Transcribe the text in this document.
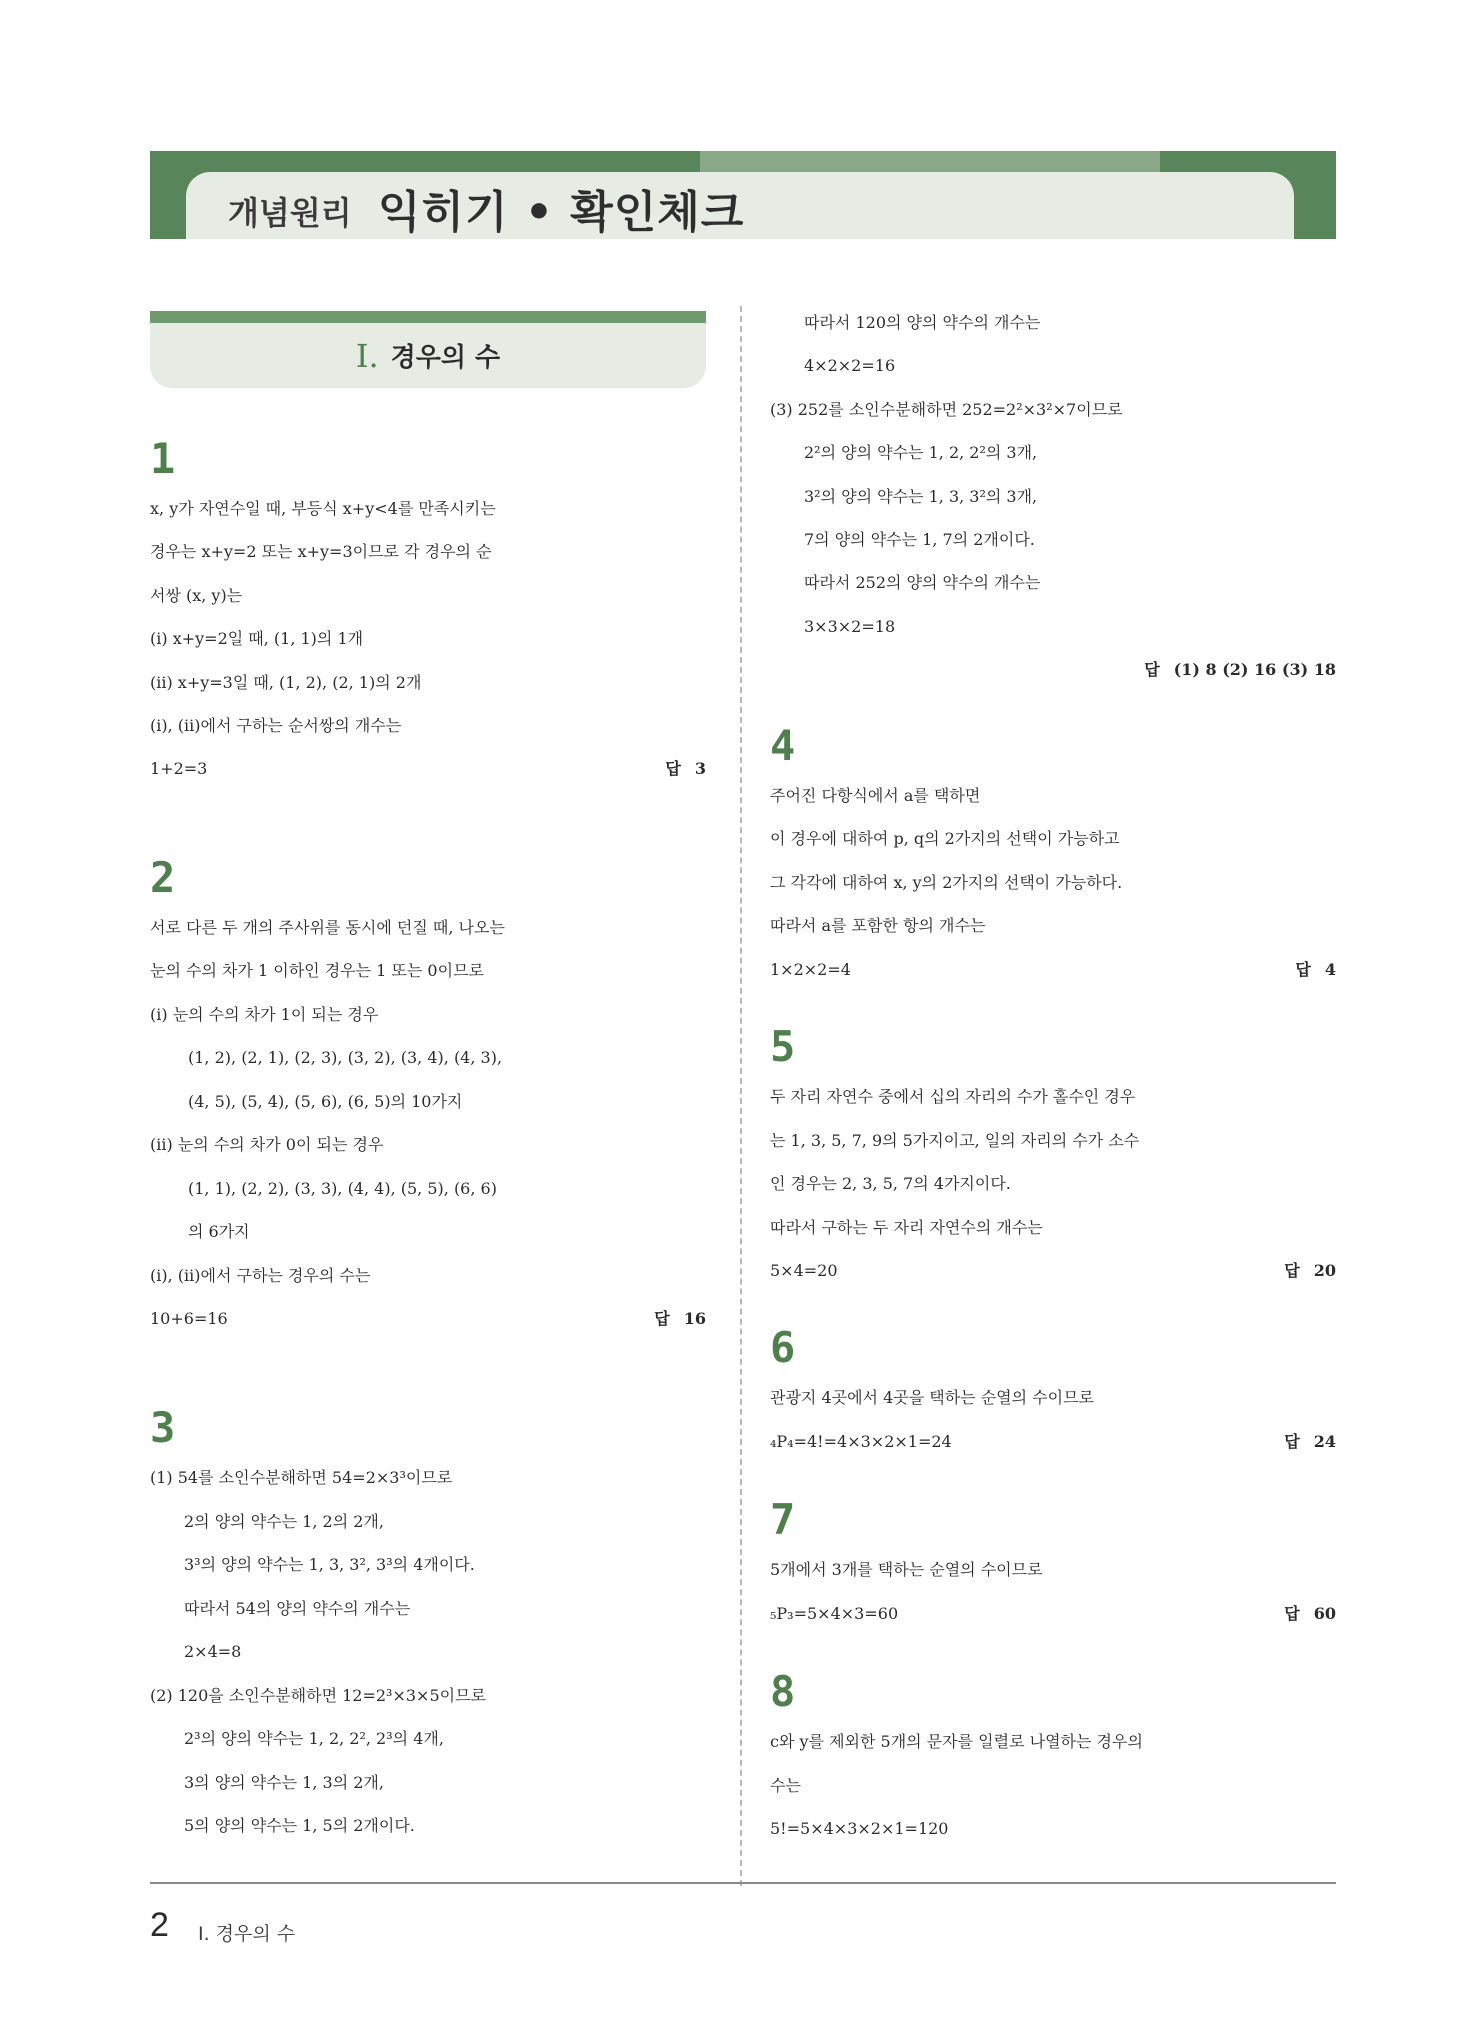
개념원리 익히기 • 확인체크
I. 경우의 수
1
x, y가 자연수일 때, 부등식 x+y<4를 만족시키는
경우는 x+y=2 또는 x+y=3이므로 각 경우의 순
서쌍 (x, y)는
(i) x+y=2일 때, (1, 1)의 1개
(ii) x+y=3일 때, (1, 2), (2, 1)의 2개
(i), (ii)에서 구하는 순서쌍의 개수는
1+2=3	답 3
2
서로 다른 두 개의 주사위를 동시에 던질 때, 나오는
눈의 수의 차가 1 이하인 경우는 1 또는 0이므로
(i) 눈의 수의 차가 1이 되는 경우
(1, 2), (2, 1), (2, 3), (3, 2), (3, 4), (4, 3),
(4, 5), (5, 4), (5, 6), (6, 5)의 10가지
(ii) 눈의 수의 차가 0이 되는 경우
(1, 1), (2, 2), (3, 3), (4, 4), (5, 5), (6, 6)
의 6가지
(i), (ii)에서 구하는 경우의 수는
10+6=16	답 16
3
(1) 54를 소인수분해하면 54=2×3³이므로
2의 양의 약수는 1, 2의 2개,
3³의 양의 약수는 1, 3, 3², 3³의 4개이다.
따라서 54의 양의 약수의 개수는
2×4=8
(2) 120을 소인수분해하면 12=2³×3×5이므로
2³의 양의 약수는 1, 2, 2², 2³의 4개,
3의 양의 약수는 1, 3의 2개,
5의 양의 약수는 1, 5의 2개이다.
따라서 120의 양의 약수의 개수는
4×2×2=16
(3) 252를 소인수분해하면 252=2²×3²×7이므로
2²의 양의 약수는 1, 2, 2²의 3개,
3²의 양의 약수는 1, 3, 3²의 3개,
7의 양의 약수는 1, 7의 2개이다.
따라서 252의 양의 약수의 개수는
3×3×2=18
답 (1) 8 (2) 16 (3) 18
4
주어진 다항식에서 a를 택하면
이 경우에 대하여 p, q의 2가지의 선택이 가능하고
그 각각에 대하여 x, y의 2가지의 선택이 가능하다.
따라서 a를 포함한 항의 개수는
1×2×2=4	답 4
5
두 자리 자연수 중에서 십의 자리의 수가 홀수인 경우
는 1, 3, 5, 7, 9의 5가지이고, 일의 자리의 수가 소수
인 경우는 2, 3, 5, 7의 4가지이다.
따라서 구하는 두 자리 자연수의 개수는
5×4=20	답 20
6
관광지 4곳에서 4곳을 택하는 순열의 수이므로
₄P₄=4!=4×3×2×1=24	답 24
7
5개에서 3개를 택하는 순열의 수이므로
₅P₃=5×4×3=60	답 60
8
c와 y를 제외한 5개의 문자를 일렬로 나열하는 경우의
수는
5!=5×4×3×2×1=120
2 I. 경우의 수
